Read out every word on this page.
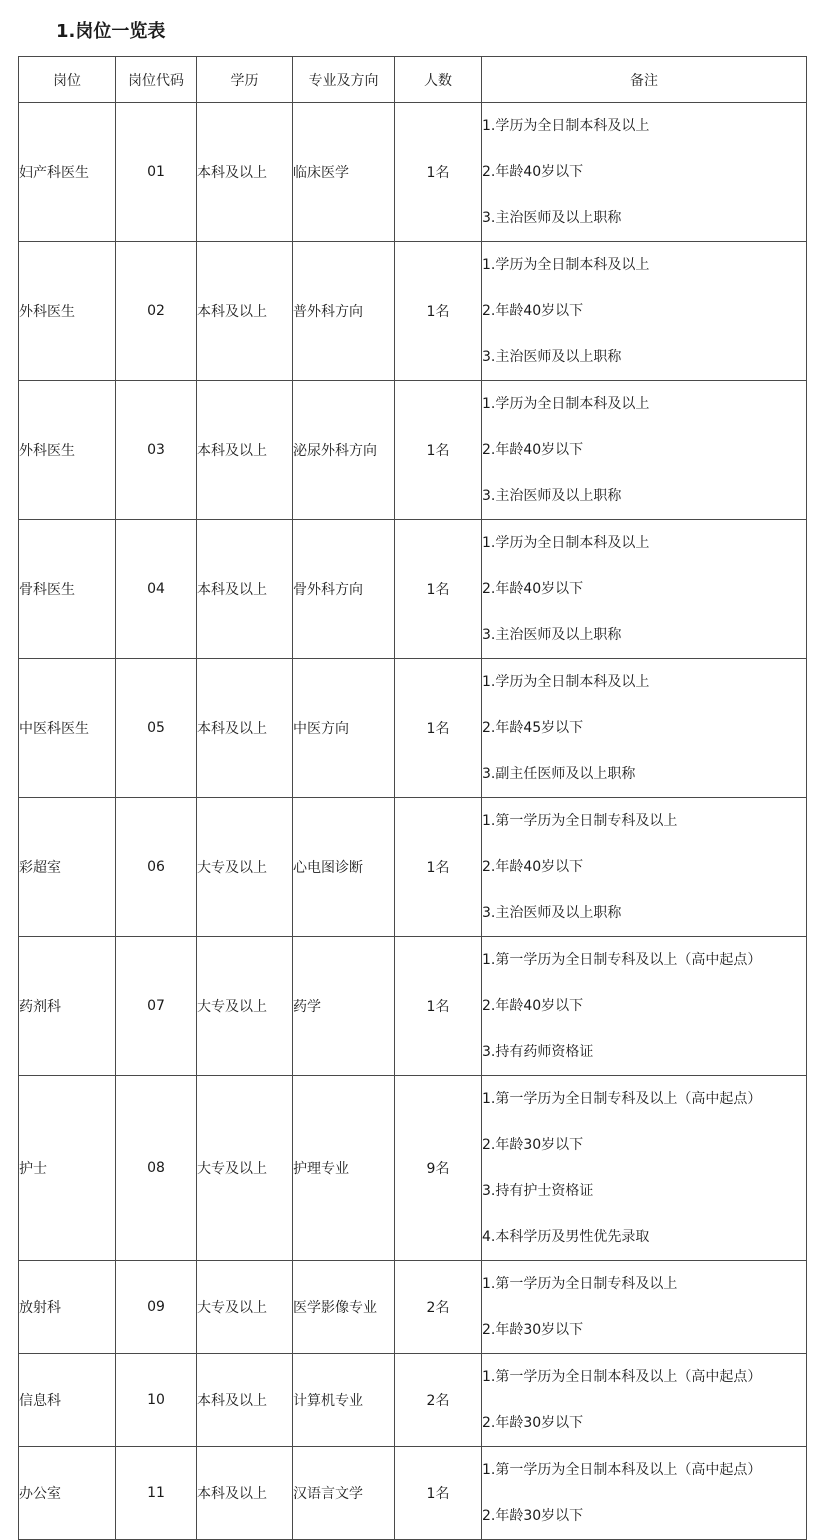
1.岗位一览表
岗位	岗位代码	学历	专业及方向	人数	备注
妇产科医生	01	本科及以上	临床医学	1名	1.学历为全日制本科及以上
2.年龄40岁以下
3.主治医师及以上职称

外科医生	02	本科及以上	普外科方向	1名	1.学历为全日制本科及以上
2.年龄40岁以下
3.主治医师及以上职称

外科医生	03	本科及以上	泌尿外科方向	1名	1.学历为全日制本科及以上
2.年龄40岁以下
3.主治医师及以上职称

骨科医生	04	本科及以上	骨外科方向	1名	1.学历为全日制本科及以上
2.年龄40岁以下
3.主治医师及以上职称

中医科医生	05	本科及以上	中医方向	1名	1.学历为全日制本科及以上
2.年龄45岁以下
3.副主任医师及以上职称

彩超室	06	大专及以上	心电图诊断	1名	1.第一学历为全日制专科及以上
2.年龄40岁以下
3.主治医师及以上职称

药剂科	07	大专及以上	药学	1名	1.第一学历为全日制专科及以上（高中起点）
2.年龄40岁以下
3.持有药师资格证

护士	08	大专及以上	护理专业	9名	1.第一学历为全日制专科及以上（高中起点）
2.年龄30岁以下
3.持有护士资格证
4.本科学历及男性优先录取

放射科	09	大专及以上	医学影像专业	2名	1.第一学历为全日制专科及以上
2.年龄30岁以下

信息科	10	本科及以上	计算机专业	2名	1.第一学历为全日制本科及以上（高中起点）
2.年龄30岁以下

办公室	11	本科及以上	汉语言文学	1名	1.第一学历为全日制本科及以上（高中起点）
2.年龄30岁以下
